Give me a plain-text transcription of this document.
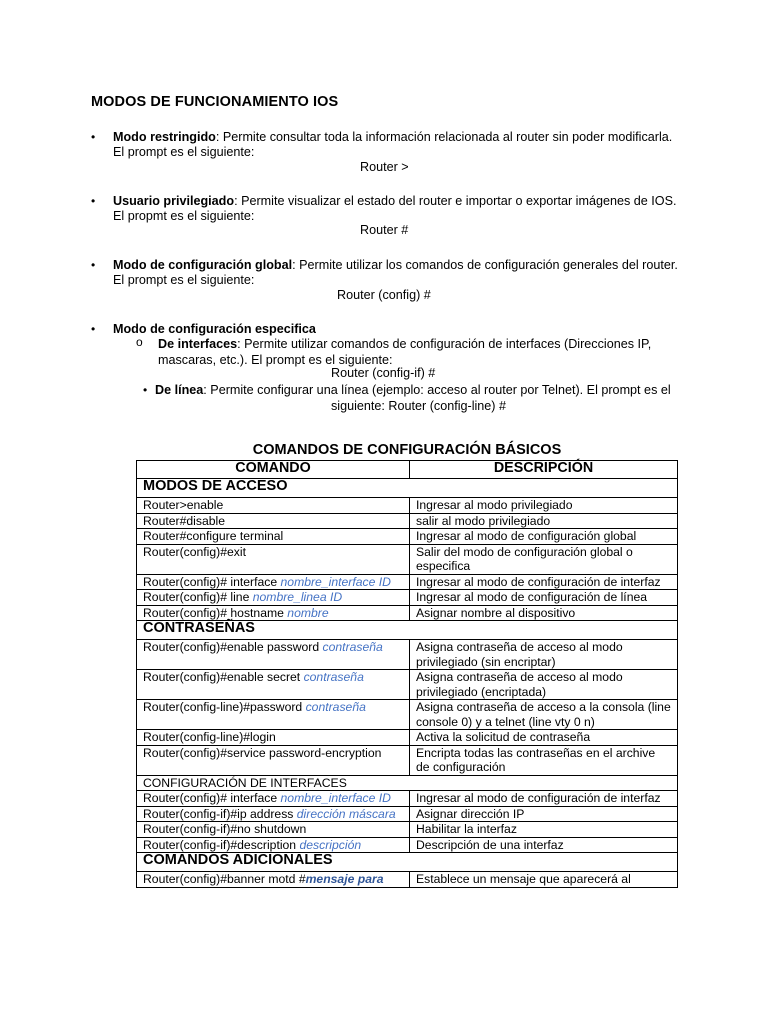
MODOS DE FUNCIONAMIENTO IOS
• Modo restringido: Permite consultar toda la información relacionada al router sin poder modificarla. El prompt es el siguiente:
Router >
• Usuario privilegiado: Permite visualizar el estado del router e importar o exportar imágenes de IOS. El propmt es el siguiente:
Router #
• Modo de configuración global: Permite utilizar los comandos de configuración generales del router. El prompt es el siguiente:
Router (config) #
• Modo de configuración especifica
o De interfaces: Permite utilizar comandos de configuración de interfaces (Direcciones IP, mascaras, etc.). El prompt es el siguiente:
Router (config-if) #
• De línea: Permite configurar una línea (ejemplo: acceso al router por Telnet). El prompt es el
siguiente: Router (config-line) #
COMANDOS DE CONFIGURACIÓN BÁSICOS
COMANDO	DESCRIPCIÓN
MODOS DE ACCESO	
Router>enable	Ingresar al modo privilegiado
Router#disable	salir al modo privilegiado
Router#configure terminal	Ingresar al modo de configuración global
Router(config)#exit	Salir del modo de configuración global o especifica
Router(config)# interface nombre_interface ID	Ingresar al modo de configuración de interfaz
Router(config)# line nombre_linea ID	Ingresar al modo de configuración de línea
Router(config)# hostname nombre	Asignar nombre al dispositivo
CONTRASEÑAS	
Router(config)#enable password contraseña	Asigna contraseña de acceso al modo privilegiado (sin encriptar)
Router(config)#enable secret contraseña	Asigna contraseña de acceso al modo privilegiado (encriptada)
Router(config-line)#password contraseña	Asigna contraseña de acceso a la consola (line console 0) y a telnet (line vty 0 n)
Router(config-line)#login	Activa la solicitud de contraseña
Router(config)#service password-encryption	Encripta todas las contraseñas en el archive de configuración
CONFIGURACIÓN DE INTERFACES	
Router(config)# interface nombre_interface ID	Ingresar al modo de configuración de interfaz
Router(config-if)#ip address dirección máscara	Asignar dirección IP
Router(config-if)#no shutdown	Habilitar la interfaz
Router(config-if)#description descripción	Descripción de una interfaz
COMANDOS ADICIONALES	
Router(config)#banner motd #mensaje para	Establece un mensaje que aparecerá al
